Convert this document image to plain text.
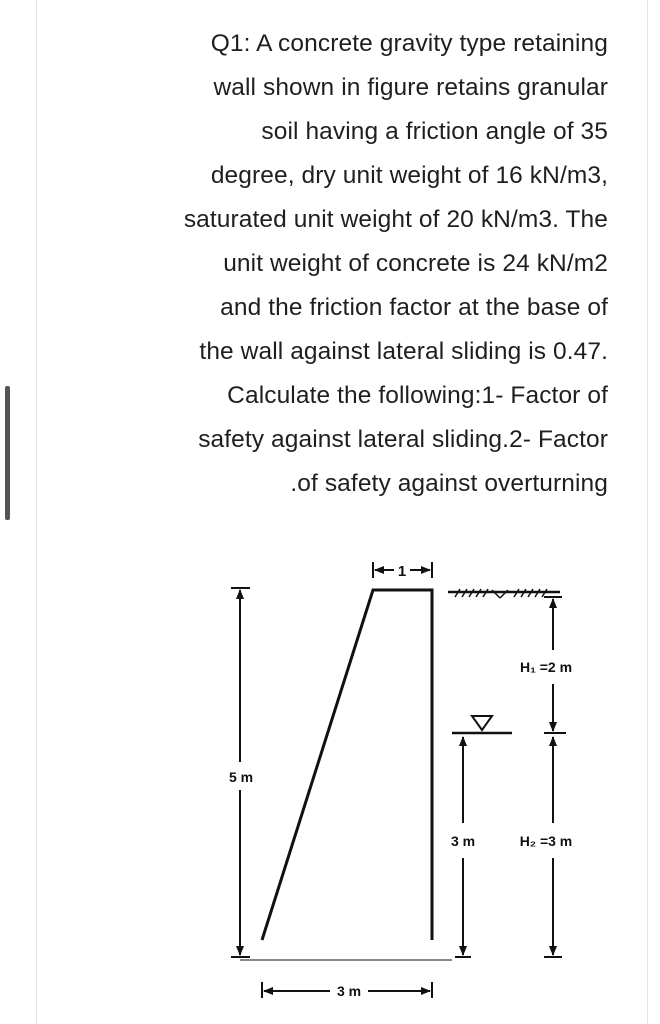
Q1: A concrete gravity type retaining
wall shown in figure retains granular
soil having a friction angle of 35
degree, dry unit weight of 16 kN/m3,
saturated unit weight of 20 kN/m3. The
unit weight of concrete is 24 kN/m2
and the friction factor at the base of
the wall against lateral sliding is 0.47.
Calculate the following:1- Factor of
safety against lateral sliding.2- Factor
.of safety against overturning
1
5 m
3 m
3 m
H₁ =2 m
H₂ =3 m
